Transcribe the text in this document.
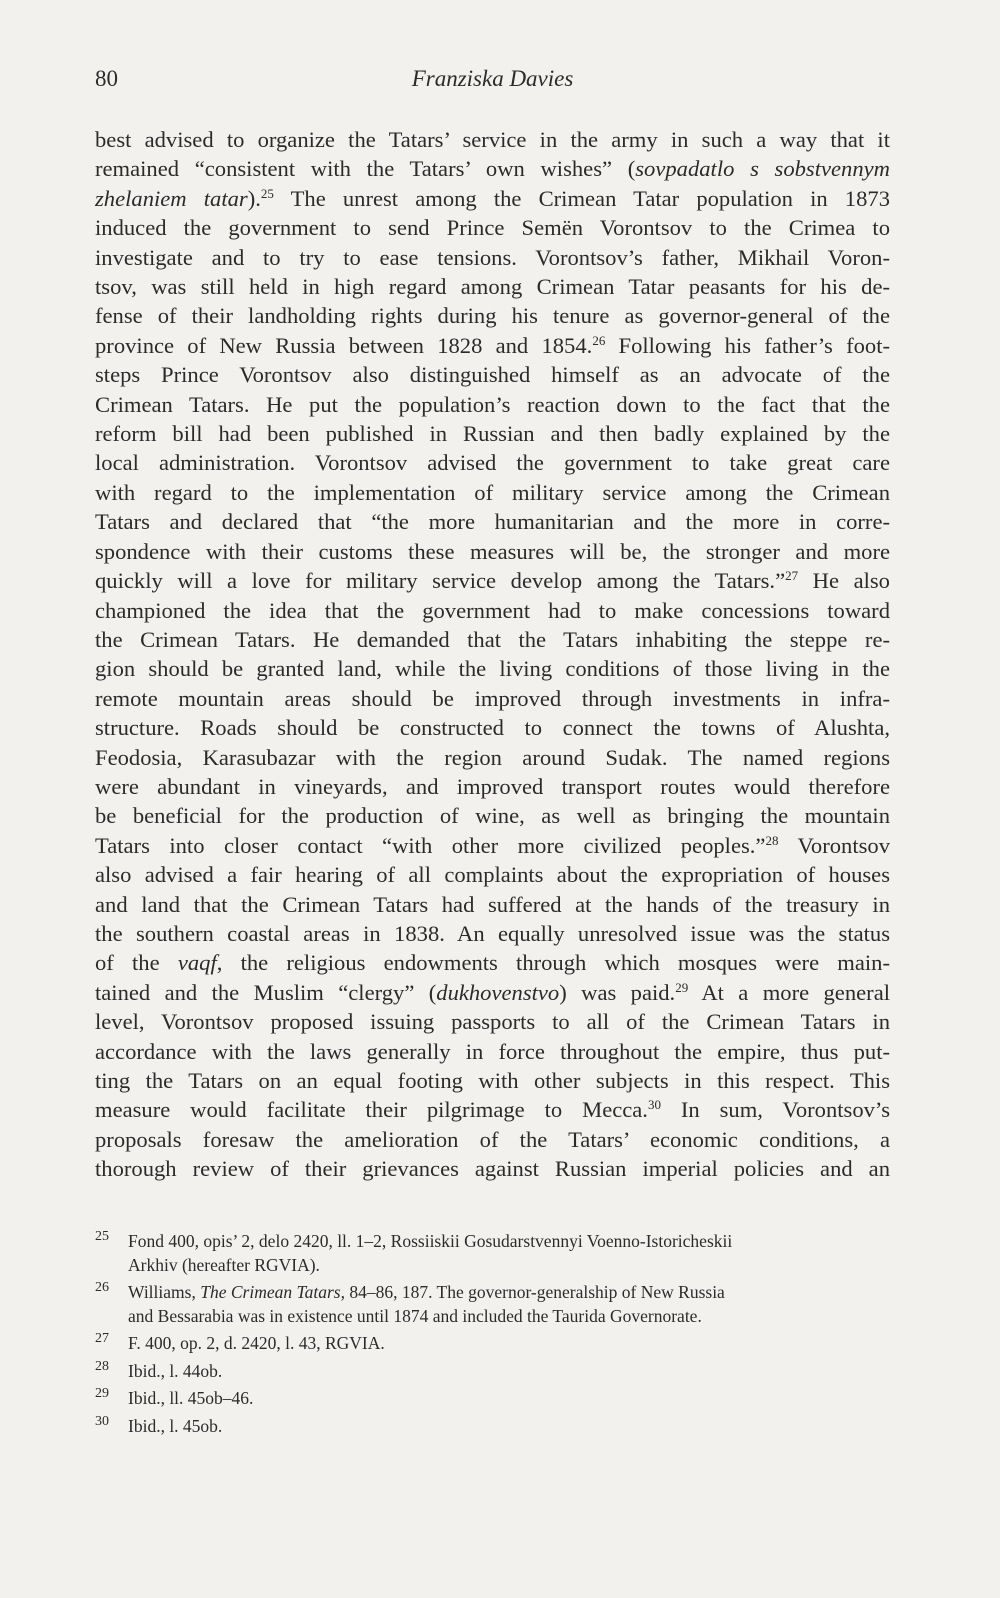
80	Franziska Davies

best advised to organize the Tatars’ service in the army in such a way that it
remained “consistent with the Tatars’ own wishes” (sovpadatlo s sobstvennym
zhelaniem tatar).$^{25}$ The unrest among the Crimean Tatar population in 1873
induced the government to send Prince Semën Vorontsov to the Crimea to
investigate and to try to ease tensions. Vorontsov’s father, Mikhail Voron-
tsov, was still held in high regard among Crimean Tatar peasants for his de-
fense of their landholding rights during his tenure as governor-general of the
province of New Russia between 1828 and 1854.26 Following his father’s foot-
steps Prince Vorontsov also distinguished himself as an advocate of the
Crimean Tatars. He put the population’s reaction down to the fact that the
reform bill had been published in Russian and then badly explained by the
local administration. Vorontsov advised the government to take great care
with regard to the implementation of military service among the Crimean
Tatars and declared that “the more humanitarian and the more in corre-
spondence with their customs these measures will be, the stronger and more
quickly will a love for military service develop among the Tatars.”$^{27}$ He also
championed the idea that the government had to make concessions toward
the Crimean Tatars. He demanded that the Tatars inhabiting the steppe re-
gion should be granted land, while the living conditions of those living in the
remote mountain areas should be improved through investments in infra-
structure. Roads should be constructed to connect the towns of Alushta,
Feodosia, Karasubazar with the region around Sudak. The named regions
were abundant in vineyards, and improved transport routes would therefore
be beneficial for the production of wine, as well as bringing the mountain
Tatars into closer contact “with other more civilized peoples.”$^{28}$ Vorontsov
also advised a fair hearing of all complaints about the expropriation of houses
and land that the Crimean Tatars had suffered at the hands of the treasury in
the southern coastal areas in 1838. An equally unresolved issue was the status
of the vaqf, the religious endowments through which mosques were main-
tained and the Muslim “clergy” (dukhovenstvo) was paid.$^{29}$ At a more general
level, Vorontsov proposed issuing passports to all of the Crimean Tatars in
accordance with the laws generally in force throughout the empire, thus put-
ting the Tatars on an equal footing with other subjects in this respect. This
measure would facilitate their pilgrimage to Mecca.$^{30}$ In sum, Vorontsov’s
proposals foresaw the amelioration of the Tatars’ economic conditions, a
thorough review of their grievances against Russian imperial policies and an

25 Fond 400, opis’ 2, delo 2420, ll. 1–2, Rossiiskii Gosudarstvennyi Voenno-Istoricheskii
Arkhiv (hereafter RGVIA).
26 Williams, The Crimean Tatars, 84–86, 187. The governor-generalship of New Russia
and Bessarabia was in existence until 1874 and included the Taurida Governorate.
27 F. 400, op. 2, d. 2420, l. 43, RGVIA.
28 Ibid., l. 44ob.
29 Ibid., ll. 45ob–46.
30 Ibid., l. 45ob.
